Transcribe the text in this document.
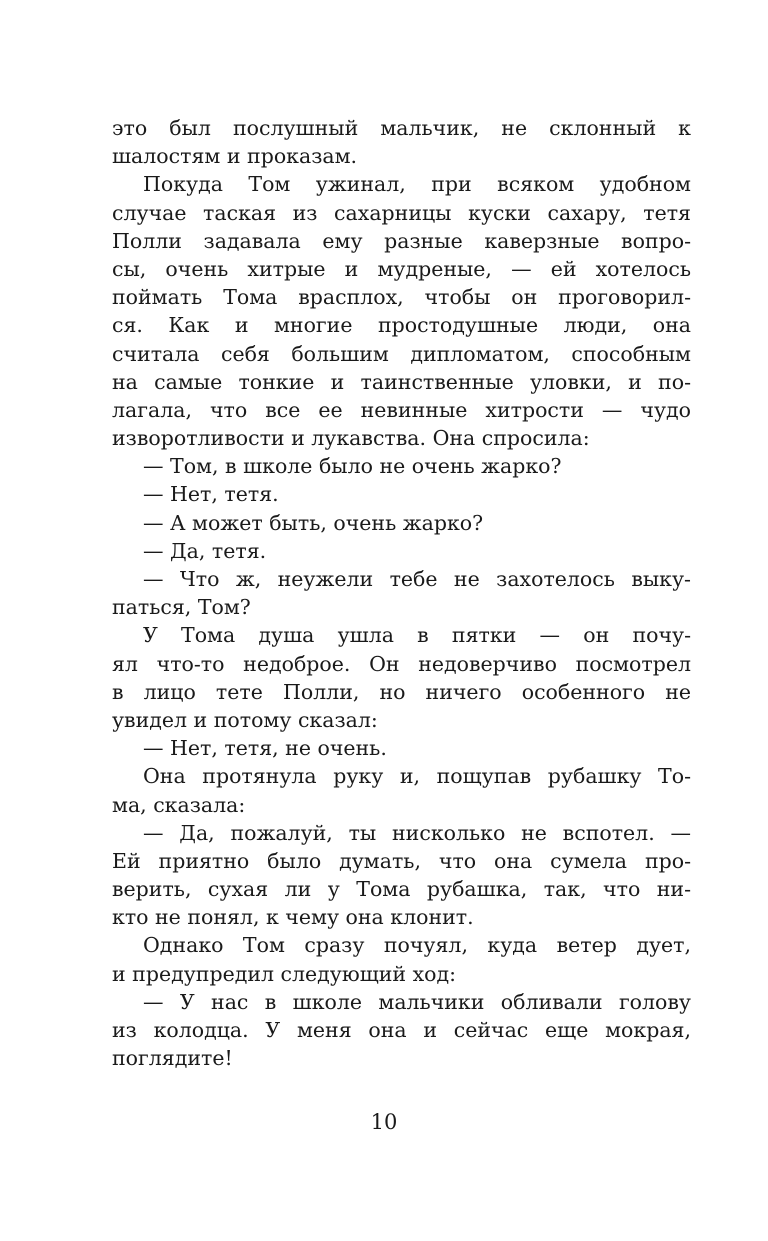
это был послушный мальчик, не склонный к
шалостям и проказам.
Покуда Том ужинал, при всяком удобном
случае таская из сахарницы куски сахару, тетя
Полли задавала ему разные каверзные вопро-
сы, очень хитрые и мудреные, — ей хотелось
поймать Тома врасплох, чтобы он проговорил-
ся. Как и многие простодушные люди, она
считала себя большим дипломатом, способным
на самые тонкие и таинственные уловки, и по-
лагала, что все ее невинные хитрости — чудо
изворотливости и лукавства. Она спросила:
— Том, в школе было не очень жарко?
— Нет, тетя.
— А может быть, очень жарко?
— Да, тетя.
— Что ж, неужели тебе не захотелось выку-
паться, Том?
У Тома душа ушла в пятки — он почу-
ял что-то недоброе. Он недоверчиво посмотрел
в лицо тете Полли, но ничего особенного не
увидел и потому сказал:
— Нет, тетя, не очень.
Она протянула руку и, пощупав рубашку То-
ма, сказала:
— Да, пожалуй, ты нисколько не вспотел. —
Ей приятно было думать, что она сумела про-
верить, сухая ли у Тома рубашка, так, что ни-
кто не понял, к чему она клонит.
Однако Том сразу почуял, куда ветер дует,
и предупредил следующий ход:
— У нас в школе мальчики обливали голову
из колодца. У меня она и сейчас еще мокрая,
поглядите!
10
